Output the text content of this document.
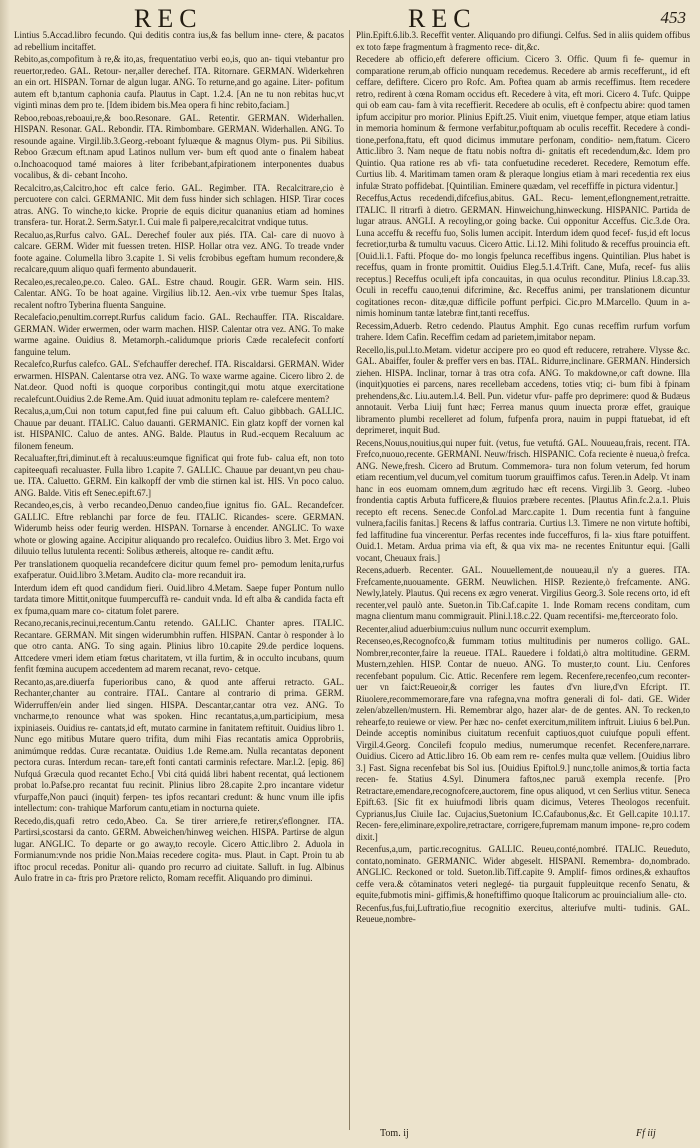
REC	REC	453

Lintius 5.Accad.libro fecundo. Qui deditis contra ius,& fas bellum inne- ctere, & pacatos ad rebellium incitaffet.

Rebito,as,compofitum à re,& ito,as, frequentatiuo verbi eo,is, quo an- tiqui vtebantur pro reuertor,redeo. GAL. Retour- ner,aller derechef. ITA. Ritornare. GERMAN. Widerkehren an ein ort. HISPAN. Tornar de algun lugar. ANG. To returne,and go againe. Liter- pofitum autem eft b,tantum caphonia caufa. Plautus in Capt. 1.2.4. [An ne tu non rebitas huc,vt vigintì minas dem pro te. [Idem ibidem bis.Mea opera fi hinc rebito,faciam.]

Reboo,reboas,reboaui,re,& boo.Resonare. GAL. Retentir. GERMAN. Widerhallen. HISPAN. Resonar. GAL. Rebondir. ITA. Rimbombare. GERMAN. Widerhallen. ANG. To resounde againe. Virgil.lib.3.Georg.-reboant fyluæque & magnus Olym- pus. Pii Sibilius. Reboo Græcum eft.nam apud Latinos nullum ver- bum eft quod ante o finalem habeat o.Inchoacoquod tamé maiores à liter fcribebant,afpirationem interponentes duabus vocalibus, & di- cebant Incoho.

Recalcitro,as,Calcitro,hoc eft calce ferio. GAL. Regimber. ITA. Recalcitrare,cio è percuotere con calci. GERMANIC. Mit dem fuss hinder sich schlagen. HISP. Tirar coces atras. ANG. To winche,to kicke. Proprie de equis dicitur quananius etiam ad homines transfera- tur. Horat.2. Serm.Satyr.1. Cui male fi palpere,recalcitrat vndique tutus.

Recaluo,as,Rurfus calvo. GAL. Derechef fouler aux piés. ITA. Cal- care di nuovo à calcare. GERM. Wider mit fuessen treten. HISP. Hollar otra vez. ANG. To treade vnder foote againe. Columella libro 3.capite 1. Si velis fcrobibus egeftam humum recondere,& recalcare,quum aliquo quafi fermento abundauerit.

Recaleo,es,recaleo,pe.co. Caleo. GAL. Estre chaud. Rougir. GER. Warm sein. HIS. Calentar. ANG. To be hoat againe. Virgilius lib.12. Aen.-vix vrbe tuemur Spes Italas, recalent noftro Tyberina fluenta Sanguine.

Recalefacio,penultim.corrept.Rurfus calidum facio. GAL. Rechauffer. ITA. Riscaldare. GERMAN. Wider erwermen, oder warm machen. HISP. Calentar otra vez. ANG. To make warme againe. Ouidius 8. Metamorph.-calidumque prioris Cæde recalefecit confortí fanguine telum.

Recalefco,Rurfus calefco. GAL. S'efchauffer derechef. ITA. Riscaldarsi. GERMAN. Wider erwarmen. HISPAN. Calentarse otra vez. ANG. To waxe warme againe. Cicero libro 2. de Nat.deor. Quod nofti is quoque corporibus contingit,qui motu atque exercitatione recalefcunt.Ouidius 2.de Reme.Am. Quid iuuat admonitu teplam re- calefcere mentem?

Recalus,a,um,Cui non totum caput,fed fine pui caluum eft. Caluo gibbbach. GALLIC. Chauue par deuant. ITALIC. Caluo dauanti. GERMANIC. Ein glatz kopff der vornen kal ist. HISPANIC. Caluo de antes. ANG. Balde. Plautus in Rud.-ecquem Recaluum ac filonem feneum.

Recaluafter,ftri,diminut.eft à recaluus:eumque fignificat qui frote fub- calua eft, non toto capiteequafi recaluaster. Fulla libro 1.capite 7. GALLIC. Chauue par deuant,vn peu chau- ue. ITA. Caluetto. GERM. Ein kalkopff der vmb die stirnen kal ist. HIS. Vn poco caluo. ANG. Balde. Vitis eft Senec.epift.67.]

Recandeo,es,cis, à verbo recandeo,Denuo candeo,fiue ignitus fio. GAL. Recandefcer. GALLIC. Eftre reblanchi par force de feu. ITALIC. Ricandes- scere. GERMAN. Widerumb heiss oder feurig werden. HISPAN. Tornarse à encender. ANGLIC. To waxe whote or glowing againe. Accipitur aliquando pro recalefco. Ouidius libro 3. Met. Ergo voi diluuio tellus lutulenta recenti: Solibus æthereis, altoque re- candit æftu.

Per translationem quoquelia recandefcere dicitur quum femel pro- pemodum lenita,rurfus exafperatur. Ouid.libro 3.Metam. Audito cla- more recanduit ira.

Interdum idem eft quod candidum fieri. Ouid.libro 4.Metam. Saepe fuper Pontum nullo tardata timore Mittit,onitque fuumpercuffà re- canduit vnda. Id eft alba & candida facta eft ex fpuma,quam mare co- citatum folet parere.

Recano,recanis,recinui,recentum.Cantu retendo. GALLIC. Chanter apres. ITALIC. Recantare. GERMAN. Mit singen widerumbhin ruffen. HISPAN. Cantar ò responder à lo que otro canta. ANG. To sing again. Plinius libro 10.capite 29.de perdice loquens. Attcedere vmeri idem etiam fœtus charitatem, vt illa furtim, & in occulto incubans, quum fenfit fœmina aucupem accedentem ad marem recanat, revo- cetque.

Recanto,as,are.diuerfa fuperioribus cano, & quod ante afferui retracto. GAL. Rechanter,chanter au contraire. ITAL. Cantare al contrario di prima. GERM. Widerruffen/ein ander lied singen. HISPA. Descantar,cantar otra vez. ANG. To vncharme,to renounce what was spoken. Hinc recantatus,a,um,participium, mesa ixpiniaseis. Ouidius re- cantats,id eft, mutato carmine in fanitatem reftituit. Ouidius libro 1. Nunc ego mitibus Mutare quero trifita, dum mihi Fias recantatis amica Opprobriis, animúmque reddas. Curæ recantatæ. Ouidius 1.de Reme.am. Nulla recantatas deponent pectora curas. Interdum recan- tare,eft fonti cantati carminis refectare. Mar.l.2. [epig. 86] Nufquá Græcula quod recantet Echo.[ Vbi citá quidá libri habent recentat, quá lectionem probat lo.Pafse.pro recantat fuu recinit. Plinius libro 28.capite 2.pro incantare videtur vfurpaffe,Non pauci (inquit) ferpen- tes ipfos recantari credunt: & hunc vnum ille ipfis intellectum: con- trahique Marforum cantu,etiam in nocturna quiete.

Recedo,dis,quafi retro cedo,Abeo. Ca. Se tirer arriere,fe retirer,s'eflongner. ITA. Partirsi,scostarsi da canto. GERM. Abweichen/hinweg weichen. HISPA. Partirse de algun lugar. ANGLIC. To departe or go away,to recoyle. Cicero Attic.libro 2. Aduola in Formianum:vnde nos pridie Non.Maias recedere cogita- mus. Plaut. in Capt. Proin tu ab iftoc procul recedas. Ponitur ali- quando pro recurro ad ciuitate. Salluft. in Iug. Albinus Aulo fratre in ca- ftris pro Prætore relicto, Romam receffit. Aliquando pro diminui.

Plin.Epift.6.lib.3. Receffit venter. Aliquando pro difiungi. Celfus. Sed in aliis quidem offibus ex toto fæpe fragmentum à fragmento rece- dit,&c.

Recedere ab officio,eft deferere officium. Cicero 3. Offic. Quum fi fe- quemur in comparatione rerum,ab officio nunquam recedemus. Recedere ab armis recefferunt,, id eft ceffare, defiftere. Cicero pro Rofc. Am. Poftea quam ab armis receffimus. Item recedere retro, redirent à cœna Romam occidus eft. Recedere à vita, eft mori. Cicero 4. Tufc. Quippe qui ob eam cau- fam à vita receffierit. Recedere ab oculis, eft è confpectu abire: quod tamen ipfum accipitur pro morior. Plinius Epift.25. Viuit enim, viuetque femper, atque etiam latius in memoria hominum & fermone verfabitur,poftquam ab oculis receffit. Recedere à condi- tione,perfona,ftatu, eft quod dicimus immutare perfonam, conditio- nem,ftatum. Cicero Attic.libro 3. Nam neque de ftatu nobis noftra di- gnitatis eft recedendum,&c. Idem pro Quintio. Qua ratione res ab vfi- tata confuetudine recederet. Recedere, Remotum effe. Curtius lib. 4. Maritimam tamen oram & pleraque longius etiam à mari recedentia rex eius infulæ Strato poffidebat. [Quintilian. Eminere quædam, vel receffiffe in pictura videntur.]

Receffus,Actus recedendi,difcefius,abitus. GAL. Recu- lement,eflongnement,retraitte. ITALIC. Il ritrarfi à dietro. GERMAN. Hinweichung,hinweckung. HISPANIC. Partida de lugar atraus. ANGLI. A recoyling,or going backe. Cui opponitur Acceffus. Cic.3.de Ora. Luna acceffu & receffu fuo, Solis lumen accipit. Interdum idem quod fecef- fus,id eft locus fecretior,turba & tumultu vacuus. Cicero Attic. Li.12. Mihi folitudo & receffus prouincia eft. [Ouid.li.1. Fafti. Pfoque do- mo longis fpelunca receffibus ingens. Quintilian. Plus habet is receffus, quam in fronte promittit. Ouidius Eleg.5.1.4.Trift. Cane, Mufa, recef- fus aliis receptus.] Receffus oculi,eft ipfa concauitas, in qua oculus reconditur. Plinius l.8.cap.33. Oculi in receffu cauo,tenui difcrimine, &c. Receffus animi, per translationem dicuntur cogitationes recon- ditæ,quæ difficile poffunt perfpici. Cic.pro M.Marcello. Quum in a- nimis hominum tantæ latebræ fint,tanti receffus.

Recessim,Aduerb. Retro cedendo. Plautus Amphit. Ego cunas receffim rurfum vorfum trahere. Idem Cafin. Receffim cedam ad parietem,imitabor nepam.

Recello,lis,pul.l.to.Metam. videtur accipere pro eo quod eft reducere, retrahere. Vlysse &c. GAL. Abaiffer, fouler & preffer vers en bas. ITAL. Ridurre,inclinare. GERMAN. Hindersich ziehen. HISPA. Inclinar, tornar à tras otra cofa. ANG. To makdowne,or caft downe. Illa (inquit)quoties ei parcens, nares recellebam accedens, toties vtiq; ci- bum fibi à fpinam prehendens,&c. Liu.autem.l.4. Bell. Pun. videtur vfur- paffe pro deprimere: quod & Budæus annotauit. Verba Liuij funt hæc; Ferrea manus quum inuecta proræ effet, grauique libramento plumbi recelleret ad folum, fufpenfa prora, nauim in puppi ftatuebat, id eft deprimeret, inquit Bud.

Recens,Nouus,nouitius,qui nuper fuit. (vetus, fue vetuftá. GAL. Nouueau,frais, recent. ITA. Frefco,nuouo,recente. GERMANI. Neuw/frisch. HISPANIC. Cofa reciente è nueua,ò frefca. ANG. Newe,fresh. Cicero ad Brutum. Commemora- tura non folum veterum, fed horum etiam recentium,vel ducum,vel comitum tuorum grauiffimos cafus. Teren.in Adelp. Vt inam hanc in eos euomam omnem,dum ægritudo hæc eft recens. Virgi.lib 3. Georg. -lubeo frondentia captis Arbuta fufficere,& fluuios præbere recentes. [Plautus Afin.fc.2.a.1. Pluis recepto eft recens. Senec.de Confol.ad Marc.capite 1. Dum recentia funt à fanguine vulnera,facilis fanitas.] Recens & laffus contraria. Curtius l.3. Timere ne non virtute hoftibi, fed laffitudine fua vincerentur. Perfas recentes inde fucceffuros, fi la- xius ftare potuiffent. Ouid.1. Metam. Ardua prima via eft, & qua vix ma- ne recentes Enituntur equi. [Galli vocant, Cheuaux frais.]

Recens,aduerb. Recenter. GAL. Nouuellement,de nouueau,il n'y a gueres. ITA. Frefcamente,nuouamente. GERM. Neuwlichen. HISP. Reziente,ò frefcamente. ANG. Newly,lately. Plautus. Qui recens ex ægro venerat. Virgilius Georg.3. Sole recens orto, id eft recenter,vel paulò ante. Sueton.in Tib.Caf.capite 1. Inde Romam recens conditam, cum magna clientum manu commigrauit. Plini.l.18.c.22. Quam recentifsi- me,fterceorato folo.

Recenter,aliud aduerbium:cuius nullum nunc occurrit exemplum.

Recenseo,es,Recognofco,& fummam totius multitudinis per numeros colligo. GAL. Nombrer,reconter,faire la reueue. ITAL. Rauedere i foldati,ò altra moltitudine. GERM. Mustern,zehlen. HISP. Contar de nueuo. ANG. To muster,to count. Liu. Cenfores recenfebant populum. Cic. Attic. Recenfere rem legem. Recenfere,recenfeo,cum reconter- uer vn faict:Reueoir,& corriger les fautes d'vn liure,d'vn Efcript. IT. Riuolere,recommemorare,fare vna rafegna,vna moftra generali di fol- dati. GE. Wider zelen/abzellen/mustern. Hi. Remembrar algo, hazer alar- de de gentes. AN. To recken,to rehearfe,to reuiewe or view. Per hæc no- cenfet exercitum,militem inftruit. Liuius 6 bel.Pun. Deinde acceptis nominibus ciuitatum recenfuit captiuos,quot cuiufque populi effent. Virgil.4.Georg. Concilefi fcopulo medius, numerumque recenfet. Recenfere,narrare. Ouidius. Cicero ad Attic.libro 16. Ob eam rem re- cenfes multa quæ vellem. [Ouidius libro 3.] Fast. Signa recenfebat bis Sol ius. [Ouidius Epiftol.9.] nunc,tolle animos,& tortia facta recen- fe. Statius 4.Syl. Dinumera faftos,nec paruã exempla recenfe. [Pro Retractare,emendare,recognofcere,auctorem, fine opus aliquod, vt cen Serlius vtitur. Seneca Epift.63. [Sic fit ex huiufmodi libris quam dicimus, Veteres Theologos recenfuit. Cyprianus,Ius Ciuile Iac. Cujacius,Suetonium IC.Cafaubonus,&c. Et Gell.capite 10.l.17. Recen- fere,eliminare,expolire,retractare, corrigere,fupremam manum impone- re,pro codem dixit.]

Recenfus,a,um, partic.recognitus. GALLIC. Reueu,conté,nombré. ITALIC. Reueduto, contato,nominato. GERMANIC. Wider abgeselt. HISPANI. Remembra- do,nombrado. ANGLIC. Reckoned or told. Sueton.lib.Tiff.capite 9. Amplif- fimos ordines,& exhauftos ceffe vera.& cötaminatos veteri neglegé- tia purgauit fuppleuitque recenfo Senatu, & equite,fubmotis mini- giffimis,& honeftiffimo quoque Italicorum ac prouincialium alle- cto.

Recenfus,fus,fui,Luftratio,fiue recognitio exercitus, alteriufve multi- tudinis. GAL. Reueue,nombre-

Tom. ij	Ff iij
